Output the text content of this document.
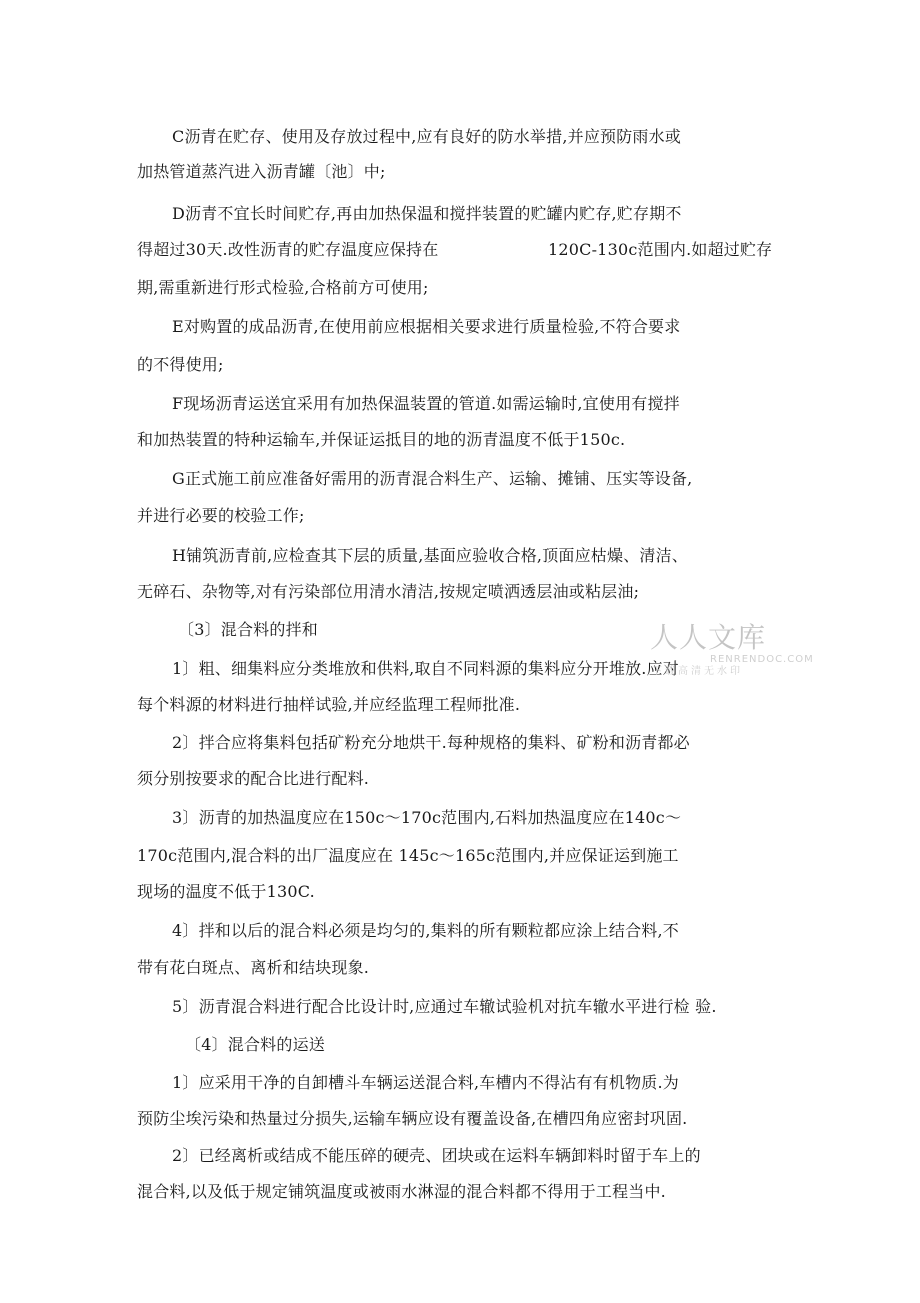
C沥青在贮存、使用及存放过程中,应有良好的防水举措,并应预防雨水或
加热管道蒸汽进入沥青罐〔池〕中;
D沥青不宜长时间贮存,再由加热保温和搅拌装置的贮罐内贮存,贮存期不
得超过30天.改性沥青的贮存温度应保持在	120C-130c范围内.如超过贮存
期,需重新进行形式检验,合格前方可使用;
E对购置的成品沥青,在使用前应根据相关要求进行质量检验,不符合要求
的不得使用;
F现场沥青运送宜采用有加热保温装置的管道.如需运输时,宜使用有搅拌
和加热装置的特种运输车,并保证运抵目的地的沥青温度不低于150c.
G正式施工前应准备好需用的沥青混合料生产、运输、摊铺、压实等设备,
并进行必要的校验工作;
H铺筑沥青前,应检查其下层的质量,基面应验收合格,顶面应枯燥、清洁、
无碎石、杂物等,对有污染部位用清水清洁,按规定喷洒透层油或粘层油;
〔3〕混合料的拌和
1〕粗、细集料应分类堆放和供料,取自不同料源的集料应分开堆放.应对
每个料源的材料进行抽样试验,并应经监理工程师批准.
2〕拌合应将集料包括矿粉充分地烘干.每种规格的集料、矿粉和沥青都必
须分别按要求的配合比进行配料.
3〕沥青的加热温度应在150c〜170c范围内,石料加热温度应在140c〜
170c范围内,混合料的出厂温度应在 145c〜165c范围内,并应保证运到施工
现场的温度不低于130C.
4〕拌和以后的混合料必须是均匀的,集料的所有颗粒都应涂上结合料,不
带有花白斑点、离析和结块现象.
5〕沥青混合料进行配合比设计时,应通过车辙试验机对抗车辙水平进行检 验.
〔4〕混合料的运送
1〕应采用干净的自卸槽斗车辆运送混合料,车槽内不得沾有有机物质.为
预防尘埃污染和热量过分损失,运输车辆应设有覆盖设备,在槽四角应密封巩固.
2〕已经离析或结成不能压碎的硬壳、团块或在运料车辆卸料时留于车上的
混合料,以及低于规定铺筑温度或被雨水淋湿的混合料都不得用于工程当中.
人人文库
RENRENDOC.COM
下载高清无水印
